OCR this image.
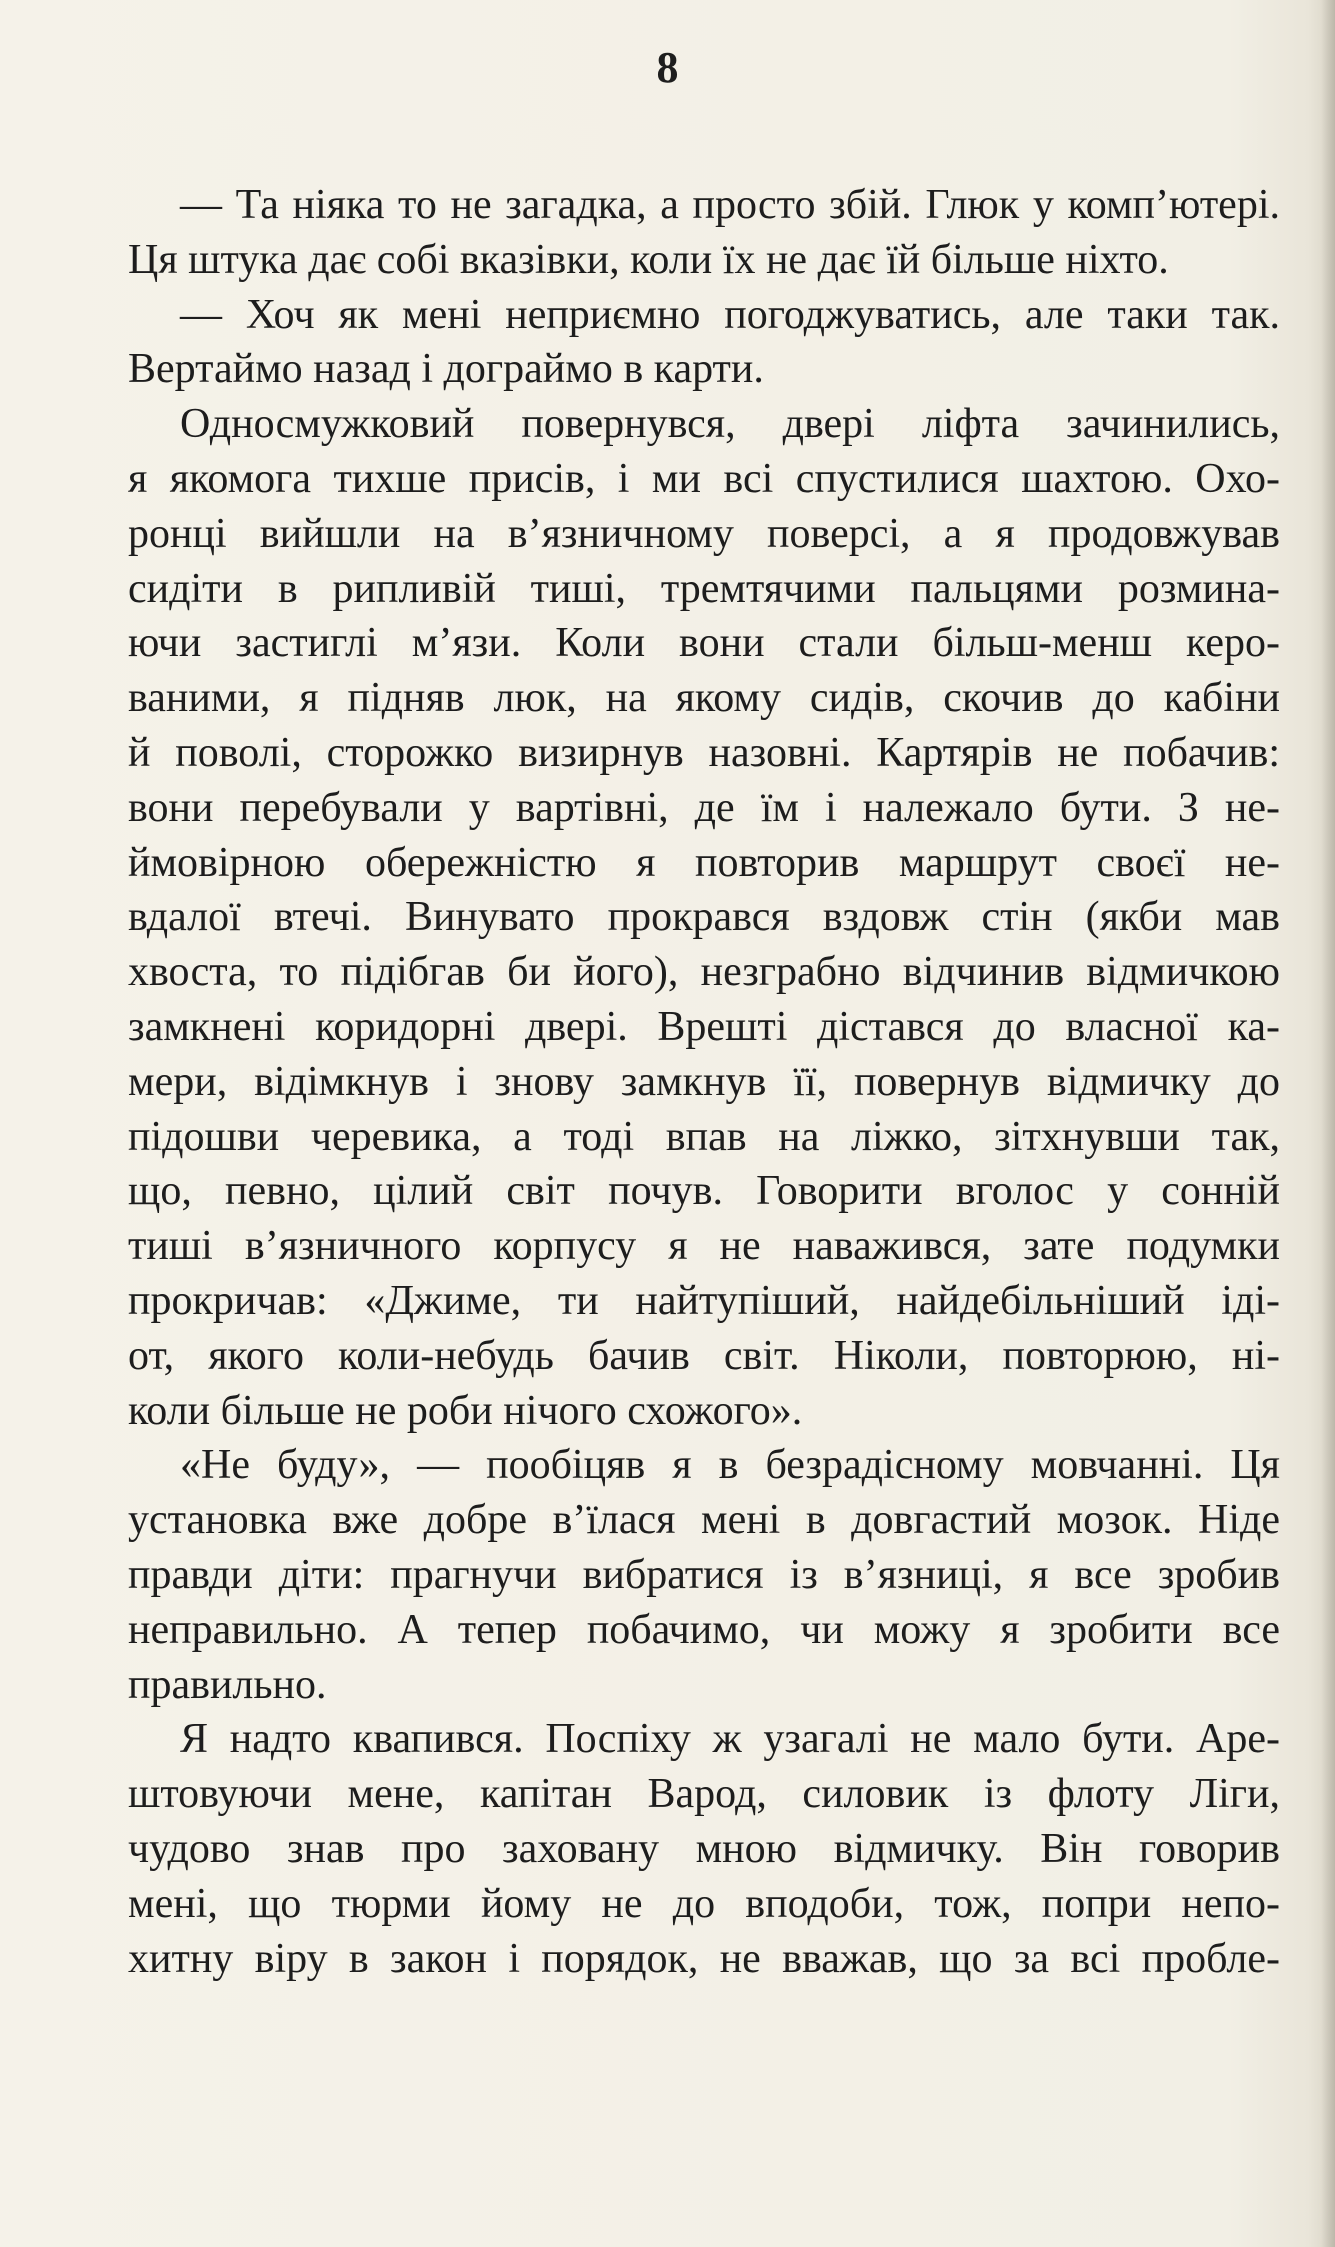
8

— Та ніяка то не загадка, а просто збій. Глюк у комп’ютері.
Ця штука дає собі вказівки, коли їх не дає їй більше ніхто.
— Хоч як мені неприємно погоджуватись, але таки так.
Вертаймо назад і дограймо в карти.
Односмужковий повернувся, двері ліфта зачинились,
я якомога тихше присів, і ми всі спустилися шахтою. Охо-
ронці вийшли на в’язничному поверсі, а я продовжував
сидіти в рипливій тиші, тремтячими пальцями розмина-
ючи застиглі м’язи. Коли вони стали більш-менш керо-
ваними, я підняв люк, на якому сидів, скочив до кабіни
й поволі, сторожко визирнув назовні. Картярів не побачив:
вони перебували у вартівні, де їм і належало бути. З не-
ймовірною обережністю я повторив маршрут своєї не-
вдалої втечі. Винувато прокрався вздовж стін (якби мав
хвоста, то підібгав би його), незграбно відчинив відмичкою
замкнені коридорні двері. Врешті дістався до власної ка-
мери, відімкнув і знову замкнув її, повернув відмичку до
підошви черевика, а тоді впав на ліжко, зітхнувши так,
що, певно, цілий світ почув. Говорити вголос у сонній
тиші в’язничного корпусу я не наважився, зате подумки
прокричав: «Джиме, ти найтупіший, найдебільніший іді-
от, якого коли-небудь бачив світ. Ніколи, повторюю, ні-
коли більше не роби нічого схожого».
«Не буду», — пообіцяв я в безрадісному мовчанні. Ця
установка вже добре в’їлася мені в довгастий мозок. Ніде
правди діти: прагнучи вибратися із в’язниці, я все зробив
неправильно. А тепер побачимо, чи можу я зробити все
правильно.
Я надто квапився. Поспіху ж узагалі не мало бути. Аре-
штовуючи мене, капітан Варод, силовик із флоту Ліги,
чудово знав про заховану мною відмичку. Він говорив
мені, що тюрми йому не до вподоби, тож, попри непо-
хитну віру в закон і порядок, не вважав, що за всі пробле-
